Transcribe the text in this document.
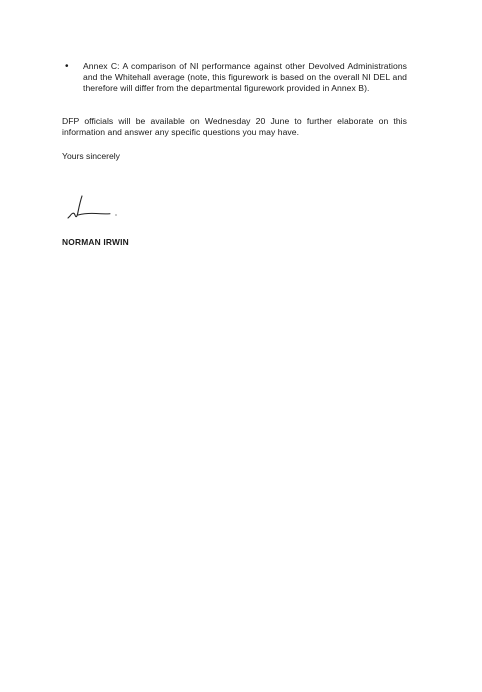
•	Annex C: A comparison of NI performance against other Devolved Administrations and the Whitehall average (note, this figurework is based on the overall NI DEL and therefore will differ from the departmental figurework provided in Annex B).

DFP officials will be available on Wednesday 20 June to further elaborate on this information and answer any specific questions you may have.

Yours sincerely
NORMAN IRWIN
